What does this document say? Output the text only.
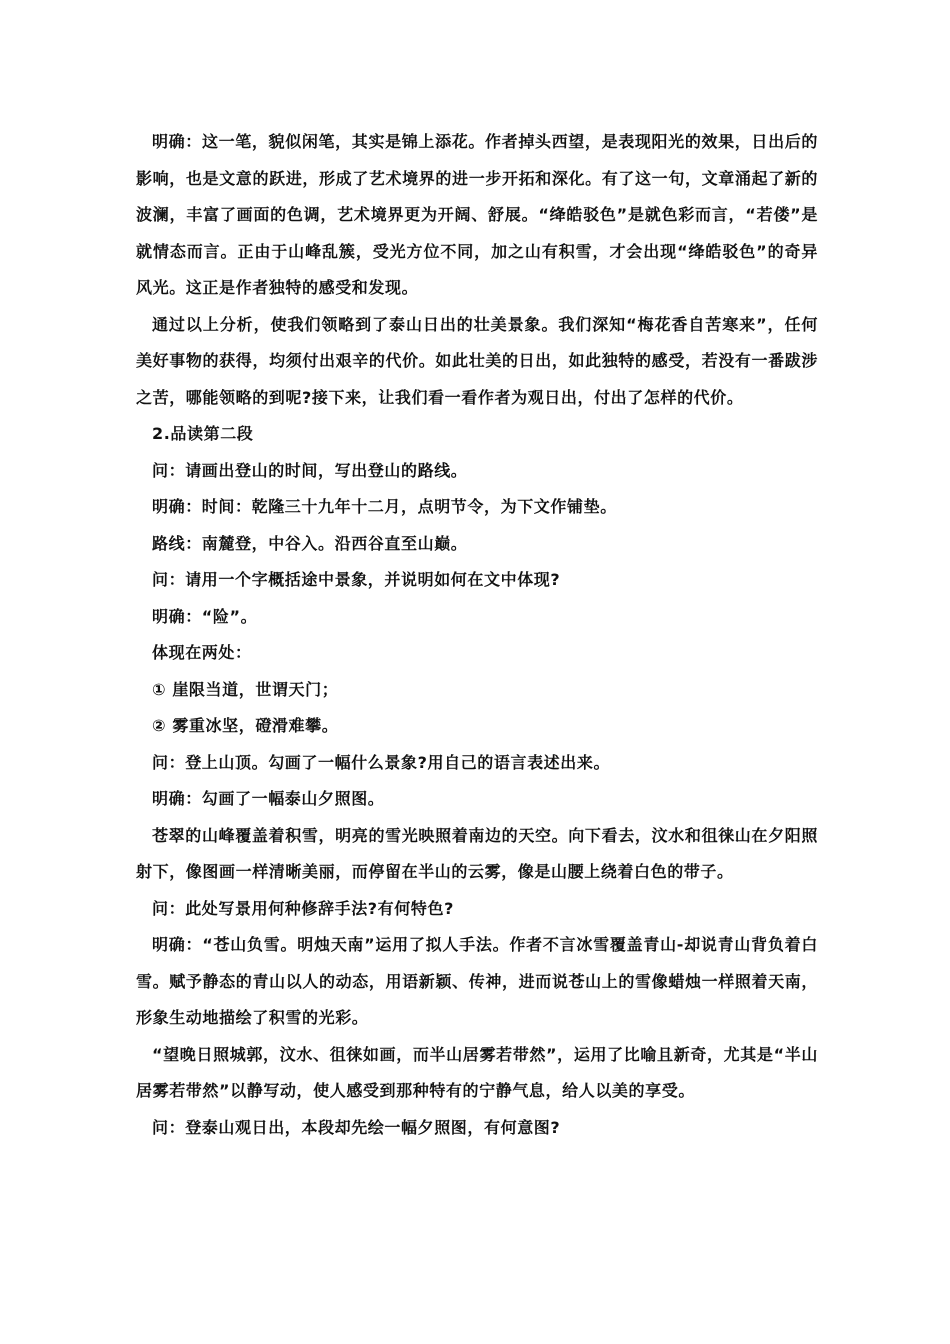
明确：这一笔，貌似闲笔，其实是锦上添花。作者掉头西望，是表现阳光的效果，日出后的影响，也是文意的跃进，形成了艺术境界的进一步开拓和深化。有了这一句，文章涌起了新的波澜，丰富了画面的色调，艺术境界更为开阔、舒展。“绛皓驳色”是就色彩而言，“若偻”是就情态而言。正由于山峰乱簇，受光方位不同，加之山有积雪，才会出现“绛皓驳色”的奇异风光。这正是作者独特的感受和发现。

通过以上分析，使我们领略到了泰山日出的壮美景象。我们深知“梅花香自苦寒来”，任何美好事物的获得，均须付出艰辛的代价。如此壮美的日出，如此独特的感受，若没有一番跋涉之苦，哪能领略的到呢?接下来，让我们看一看作者为观日出，付出了怎样的代价。

2.品读第二段

问：请画出登山的时间，写出登山的路线。

明确：时间：乾隆三十九年十二月，点明节令，为下文作铺垫。

路线：南麓登，中谷入。沿西谷直至山巅。

问：请用一个字概括途中景象，并说明如何在文中体现?

明确：“险”。

体现在两处：

① 崖限当道，世谓天门；

② 雾重冰坚，磴滑难攀。

问：登上山顶。勾画了一幅什么景象?用自己的语言表述出来。

明确：勾画了一幅泰山夕照图。

苍翠的山峰覆盖着积雪，明亮的雪光映照着南边的天空。向下看去，汶水和徂徕山在夕阳照射下，像图画一样清晰美丽，而停留在半山的云雾，像是山腰上绕着白色的带子。

问：此处写景用何种修辞手法?有何特色?

明确：“苍山负雪。明烛天南”运用了拟人手法。作者不言冰雪覆盖青山-却说青山背负着白雪。赋予静态的青山以人的动态，用语新颖、传神，进而说苍山上的雪像蜡烛一样照着天南，形象生动地描绘了积雪的光彩。

“望晚日照城郭，汶水、徂徕如画，而半山居雾若带然”，运用了比喻且新奇，尤其是“半山居雾若带然”以静写动，使人感受到那种特有的宁静气息，给人以美的享受。

问：登泰山观日出，本段却先绘一幅夕照图，有何意图?
